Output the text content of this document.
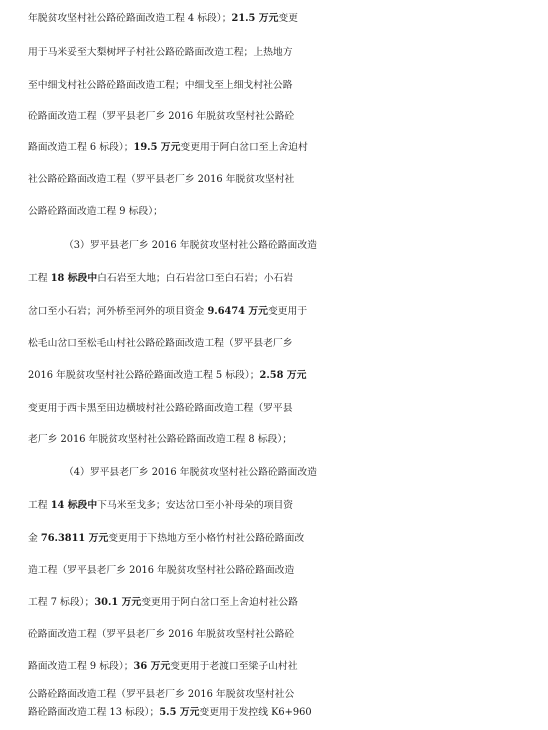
年脱贫攻坚村社公路砼路面改造工程 4 标段）；21.5 万元变更
用于马米妥至大梨树坪子村社公路砼路面改造工程；上热地方
至中细戈村社公路砼路面改造工程；中细戈至上细戈村社公路
砼路面改造工程（罗平县老厂乡 2016 年脱贫攻坚村社公路砼
路面改造工程 6 标段）；19.5 万元变更用于阿白岔口至上舍迫村
社公路砼路面改造工程（罗平县老厂乡 2016 年脱贫攻坚村社
公路砼路面改造工程 9 标段）；
（3）罗平县老厂乡 2016 年脱贫攻坚村社公路砼路面改造
工程 18 标段中白石岩至大地；白石岩岔口至白石岩；小石岩
岔口至小石岩；河外桥至河外的项目资金 9.6474 万元变更用于
松毛山岔口至松毛山村社公路砼路面改造工程（罗平县老厂乡
2016 年脱贫攻坚村社公路砼路面改造工程 5 标段）；2.58 万元
变更用于西卡黑至田边横坡村社公路砼路面改造工程（罗平县
老厂乡 2016 年脱贫攻坚村社公路砼路面改造工程 8 标段）；
（4）罗平县老厂乡 2016 年脱贫攻坚村社公路砼路面改造
工程 14 标段中下马米至戈多；安达岔口至小补母朵的项目资
金 76.3811 万元变更用于下热地方至小格竹村社公路砼路面改
造工程（罗平县老厂乡 2016 年脱贫攻坚村社公路砼路面改造
工程 7 标段）；30.1 万元变更用于阿白岔口至上舍迫村社公路
砼路面改造工程（罗平县老厂乡 2016 年脱贫攻坚村社公路砼
路面改造工程 9 标段）；36 万元变更用于老渡口至梁子山村社
公路砼路面改造工程（罗平县老厂乡 2016 年脱贫攻坚村社公
路砼路面改造工程 13 标段）；5.5 万元变更用于发控线 K6+960
